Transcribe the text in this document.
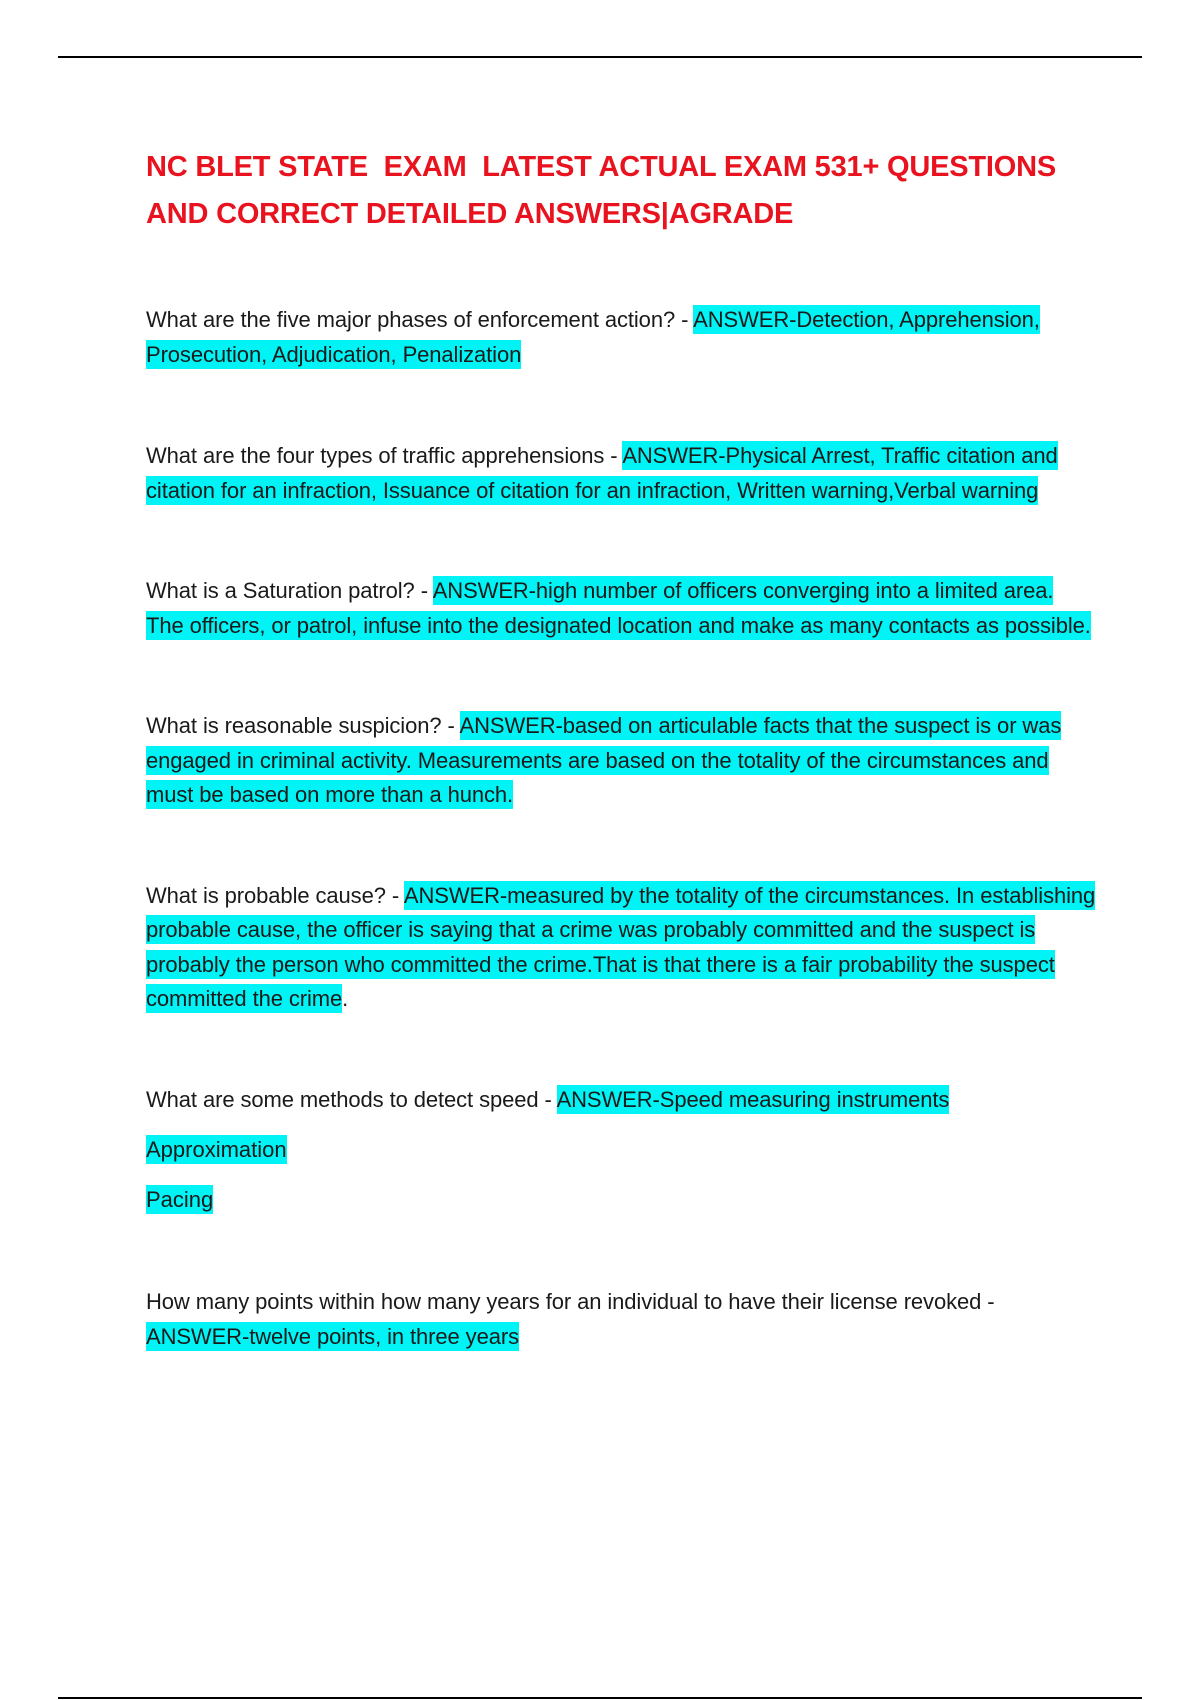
NC BLET STATE  EXAM  LATEST ACTUAL EXAM 531+ QUESTIONS AND CORRECT DETAILED ANSWERS|AGRADE

What are the five major phases of enforcement action? - ANSWER-Detection, Apprehension, Prosecution, Adjudication, Penalization

What are the four types of traffic apprehensions - ANSWER-Physical Arrest, Traffic citation and citation for an infraction, Issuance of citation for an infraction, Written warning,Verbal warning

What is a Saturation patrol? - ANSWER-high number of officers converging into a limited area. The officers, or patrol, infuse into the designated location and make as many contacts as possible.

What is reasonable suspicion? - ANSWER-based on articulable facts that the suspect is or was engaged in criminal activity. Measurements are based on the totality of the circumstances and must be based on more than a hunch.

What is probable cause? - ANSWER-measured by the totality of the circumstances. In establishing probable cause, the officer is saying that a crime was probably committed and the suspect is probably the person who committed the crime.That is that there is a fair probability the suspect committed the crime.

What are some methods to detect speed - ANSWER-Speed measuring instruments

Approximation

Pacing

How many points within how many years for an individual to have their license revoked - ANSWER-twelve points, in three years
